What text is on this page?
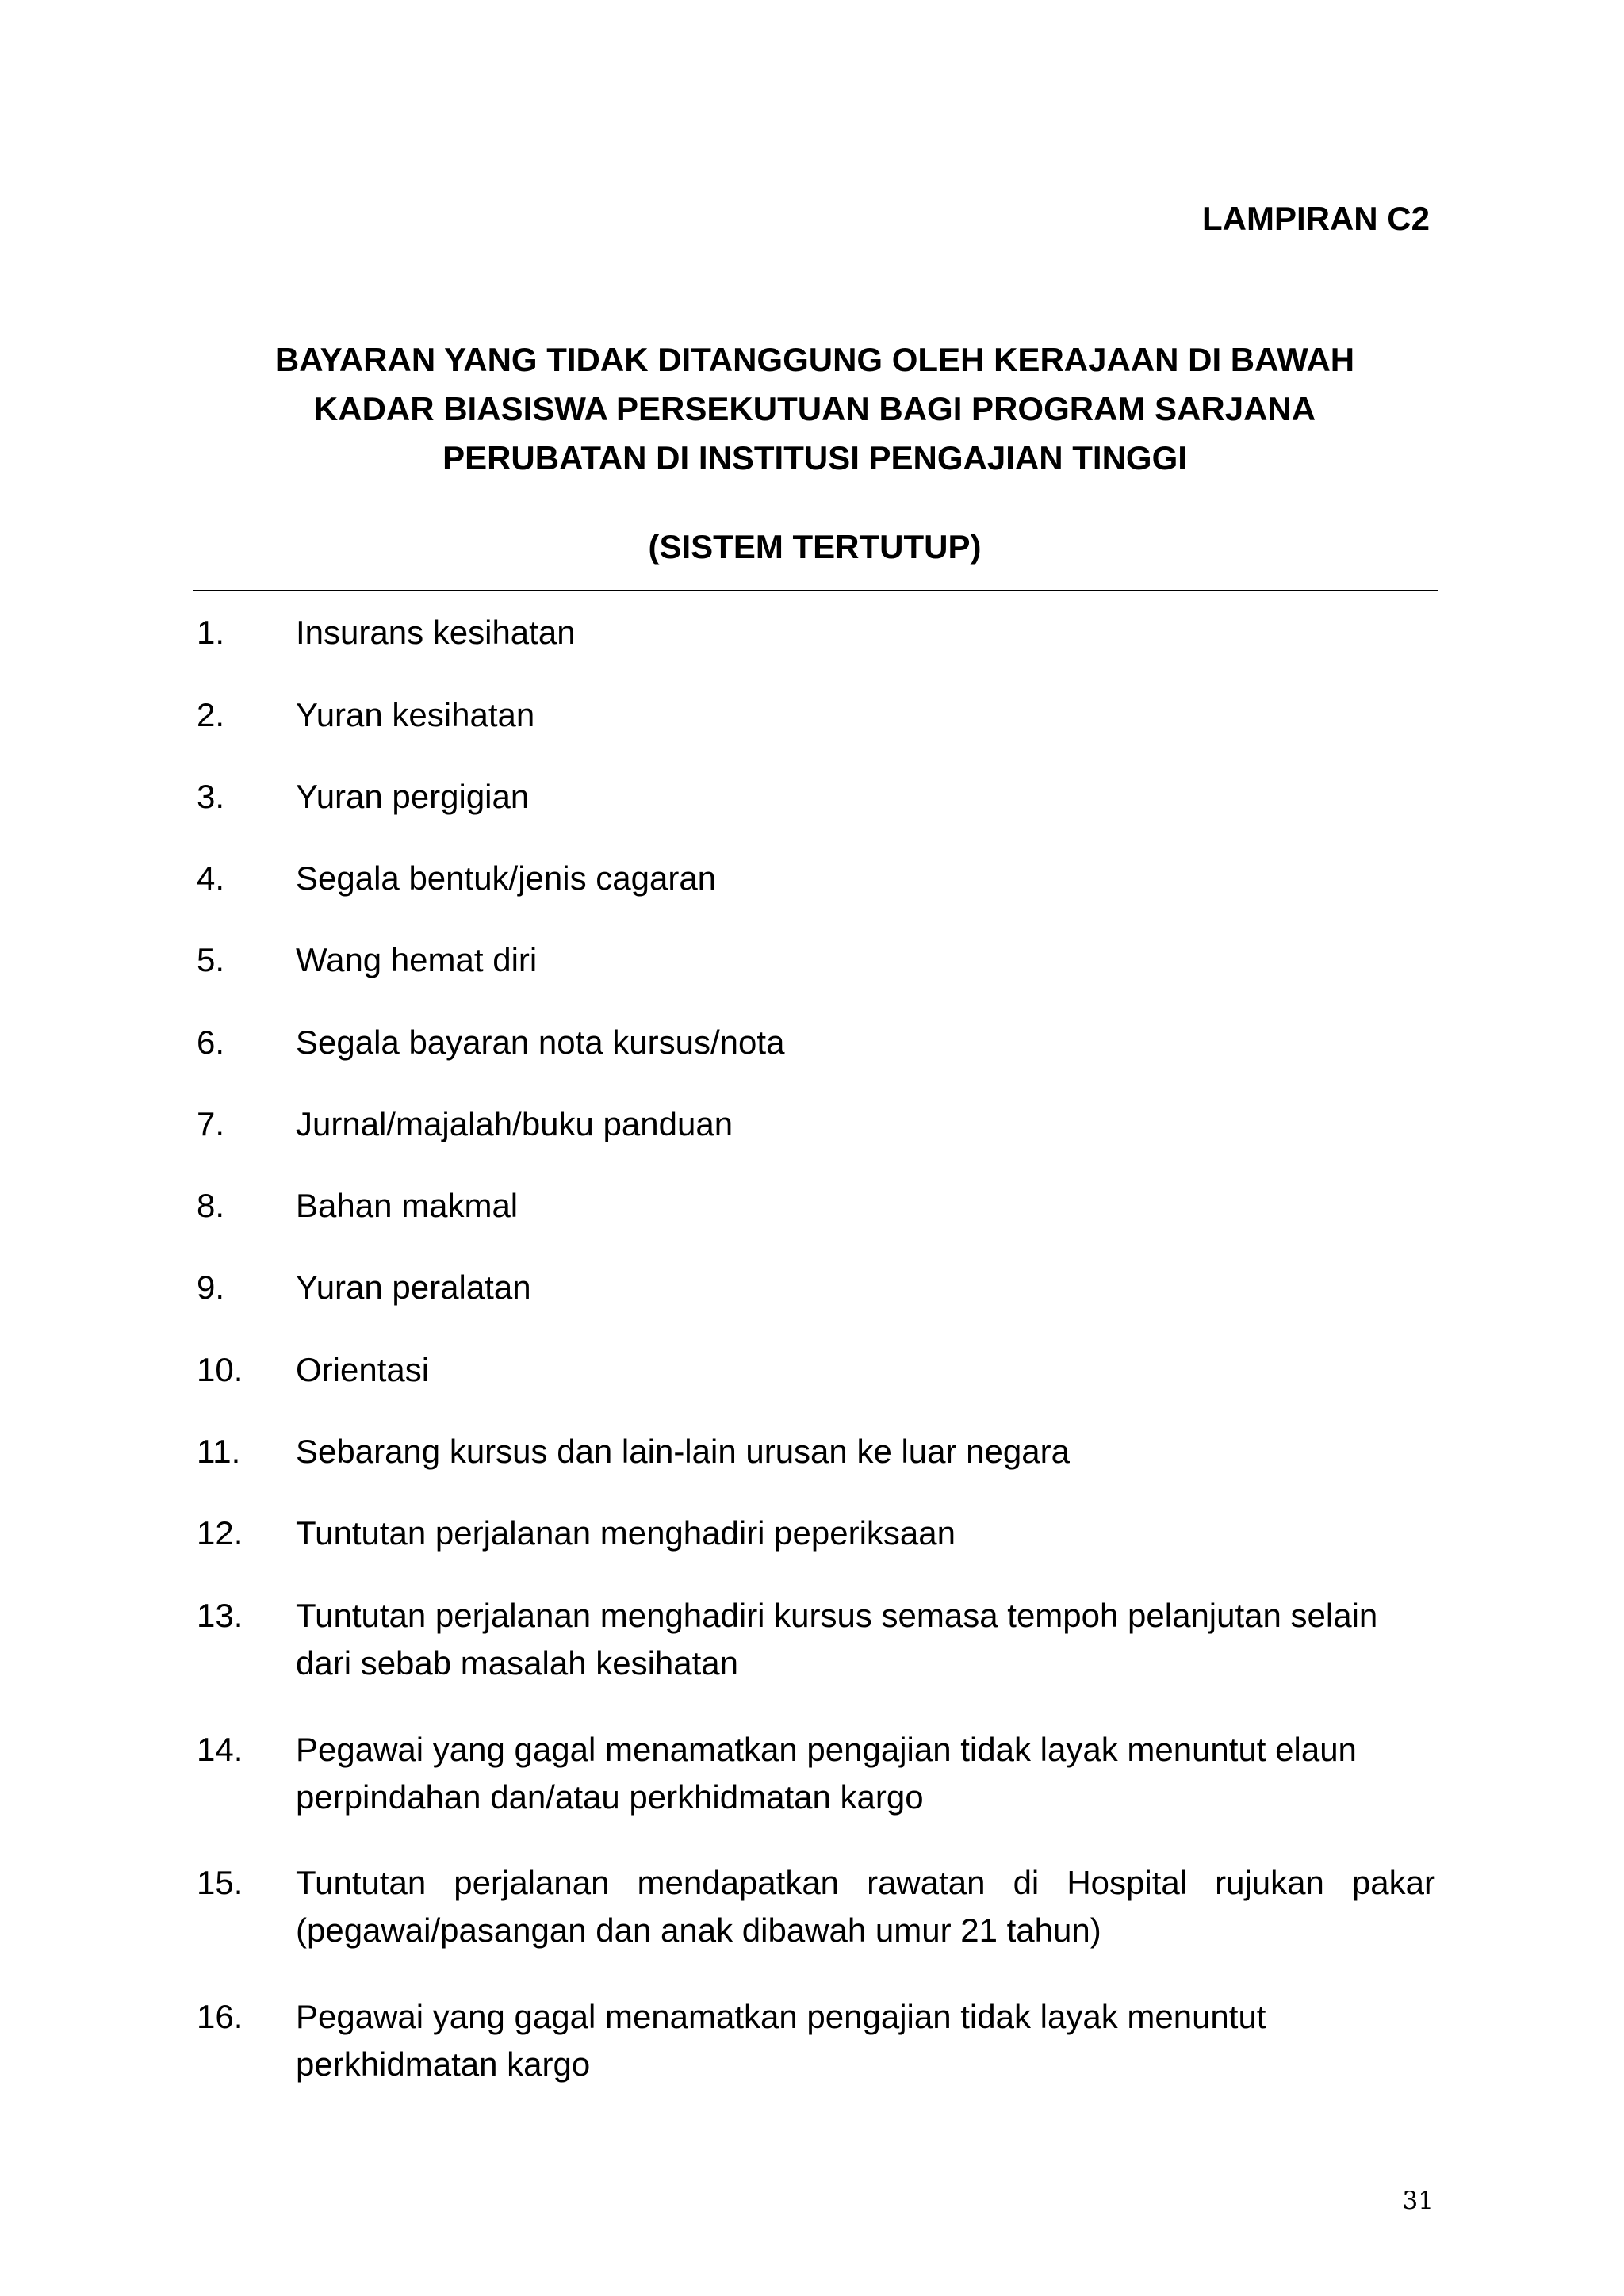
LAMPIRAN C2
BAYARAN YANG TIDAK DITANGGUNG OLEH KERAJAAN DI BAWAH
KADAR BIASISWA PERSEKUTUAN BAGI PROGRAM SARJANA
PERUBATAN DI INSTITUSI PENGAJIAN TINGGI
(SISTEM TERTUTUP)
1. Insurans kesihatan
2. Yuran kesihatan
3. Yuran pergigian
4. Segala bentuk/jenis cagaran
5. Wang hemat diri
6. Segala bayaran nota kursus/nota
7. Jurnal/majalah/buku panduan
8. Bahan makmal
9. Yuran peralatan
10. Orientasi
11. Sebarang kursus dan lain-lain urusan ke luar negara
12. Tuntutan perjalanan menghadiri peperiksaan
13. Tuntutan perjalanan menghadiri kursus semasa tempoh pelanjutan selain dari sebab masalah kesihatan
14. Pegawai yang gagal menamatkan pengajian tidak layak menuntut elaun perpindahan dan/atau perkhidmatan kargo
15. Tuntutan perjalanan mendapatkan rawatan di Hospital rujukan pakar (pegawai/pasangan dan anak dibawah umur 21 tahun)
16. Pegawai yang gagal menamatkan pengajian tidak layak menuntut perkhidmatan kargo
31
